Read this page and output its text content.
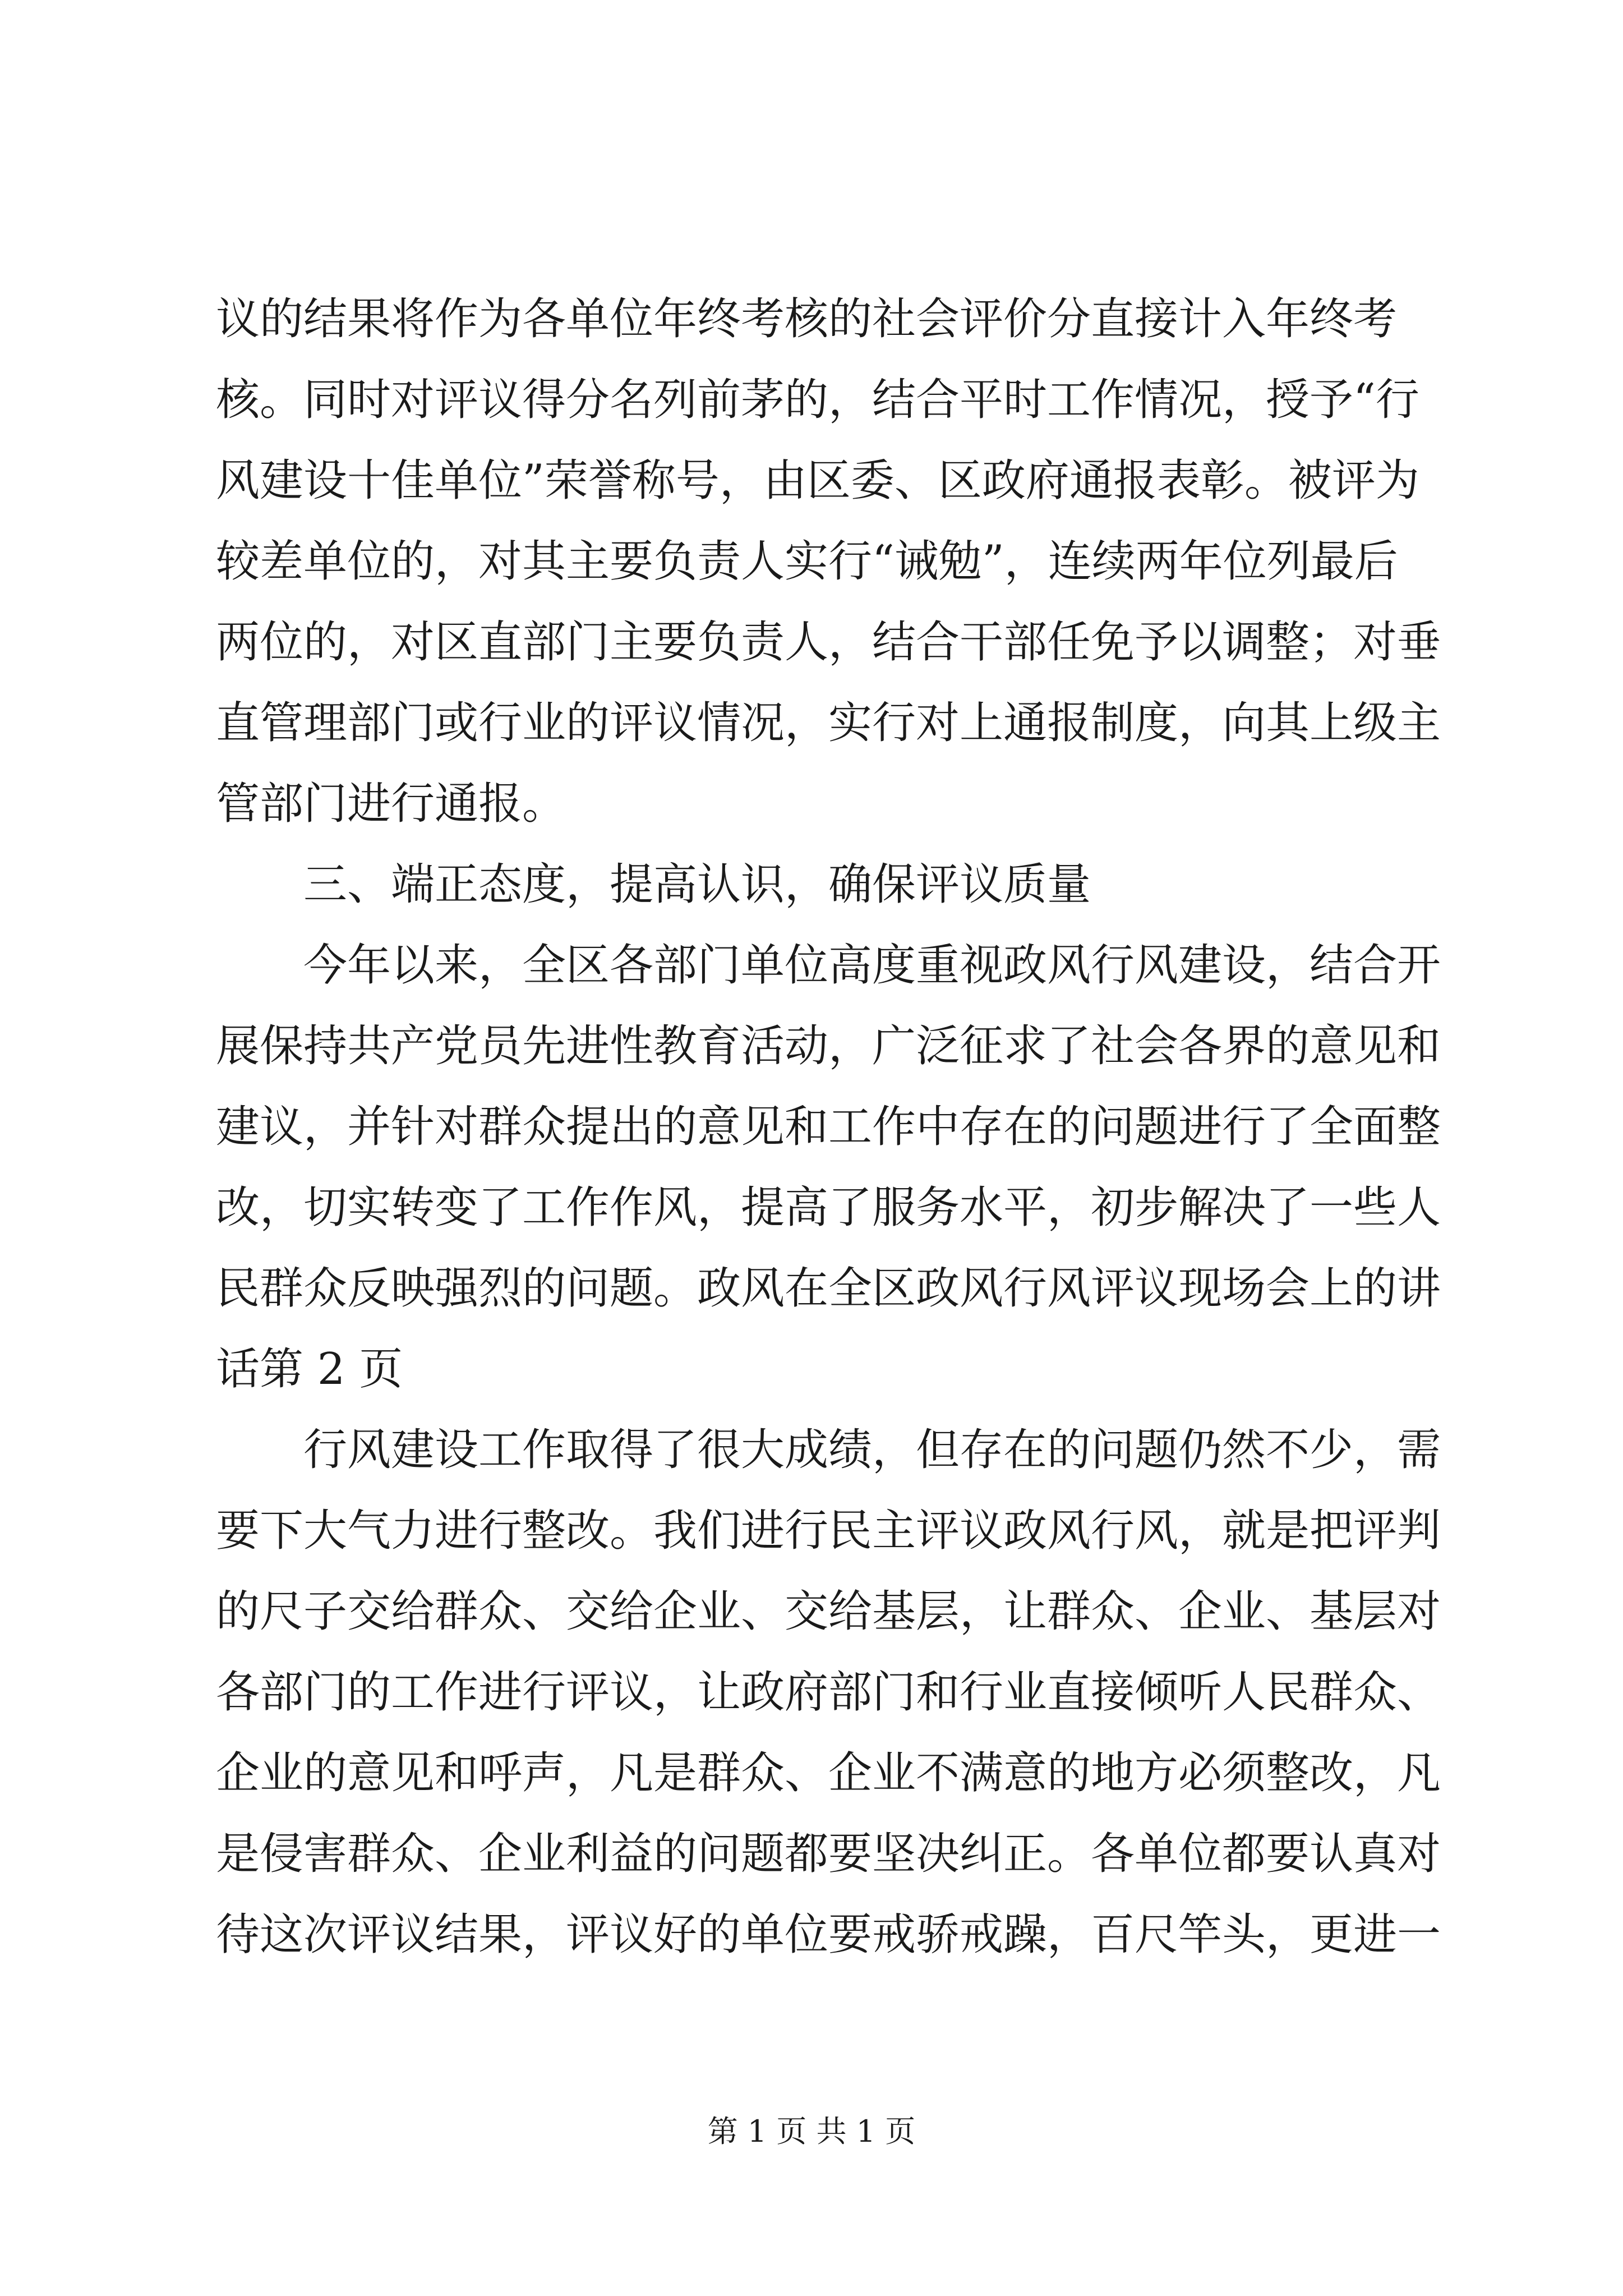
议的结果将作为各单位年终考核的社会评价分直接计入年终考
核。同时对评议得分名列前茅的，结合平时工作情况，授予“行
风建设十佳单位”荣誉称号，由区委、区政府通报表彰。被评为
较差单位的，对其主要负责人实行“诫勉”，连续两年位列最后
两位的，对区直部门主要负责人，结合干部任免予以调整；对垂
直管理部门或行业的评议情况，实行对上通报制度，向其上级主
管部门进行通报。
　　三、端正态度，提高认识，确保评议质量
　　今年以来，全区各部门单位高度重视政风行风建设，结合开
展保持共产党员先进性教育活动，广泛征求了社会各界的意见和
建议，并针对群众提出的意见和工作中存在的问题进行了全面整
改，切实转变了工作作风，提高了服务水平，初步解决了一些人
民群众反映强烈的问题。政风在全区政风行风评议现场会上的讲
话第 2 页
　　行风建设工作取得了很大成绩，但存在的问题仍然不少，需
要下大气力进行整改。我们进行民主评议政风行风，就是把评判
的尺子交给群众、交给企业、交给基层，让群众、企业、基层对
各部门的工作进行评议，让政府部门和行业直接倾听人民群众、
企业的意见和呼声，凡是群众、企业不满意的地方必须整改，凡
是侵害群众、企业利益的问题都要坚决纠正。各单位都要认真对
待这次评议结果，评议好的单位要戒骄戒躁，百尺竿头，更进一
第 1 页 共 1 页
